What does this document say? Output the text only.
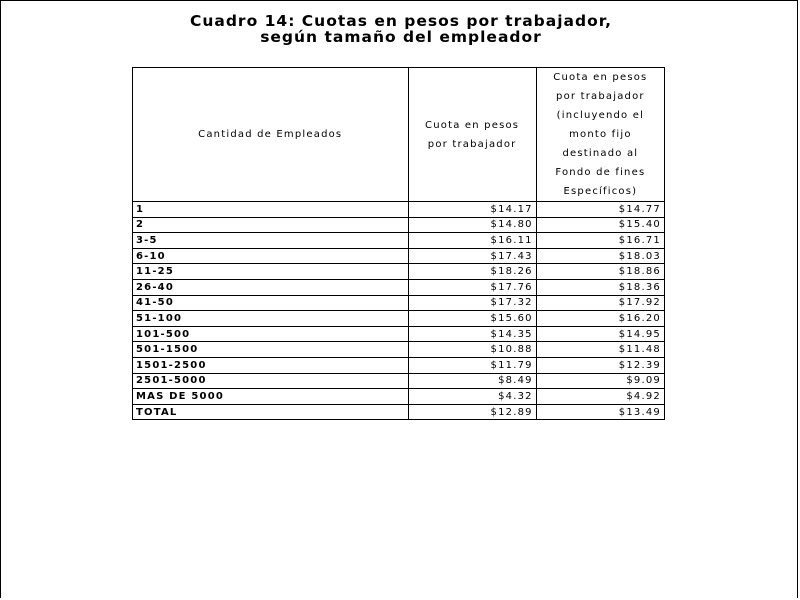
Cuadro 14: Cuotas en pesos por trabajador,
según tamaño del empleador
Cantidad de Empleados	Cuota en pesos por trabajador	Cuota en pesos por trabajador (incluyendo el monto fijo destinado al Fondo de fines Específicos)
1	$14.17	$14.77
2	$14.80	$15.40
3-5	$16.11	$16.71
6-10	$17.43	$18.03
11-25	$18.26	$18.86
26-40	$17.76	$18.36
41-50	$17.32	$17.92
51-100	$15.60	$16.20
101-500	$14.35	$14.95
501-1500	$10.88	$11.48
1501-2500	$11.79	$12.39
2501-5000	$8.49	$9.09
MAS DE 5000	$4.32	$4.92
TOTAL	$12.89	$13.49
